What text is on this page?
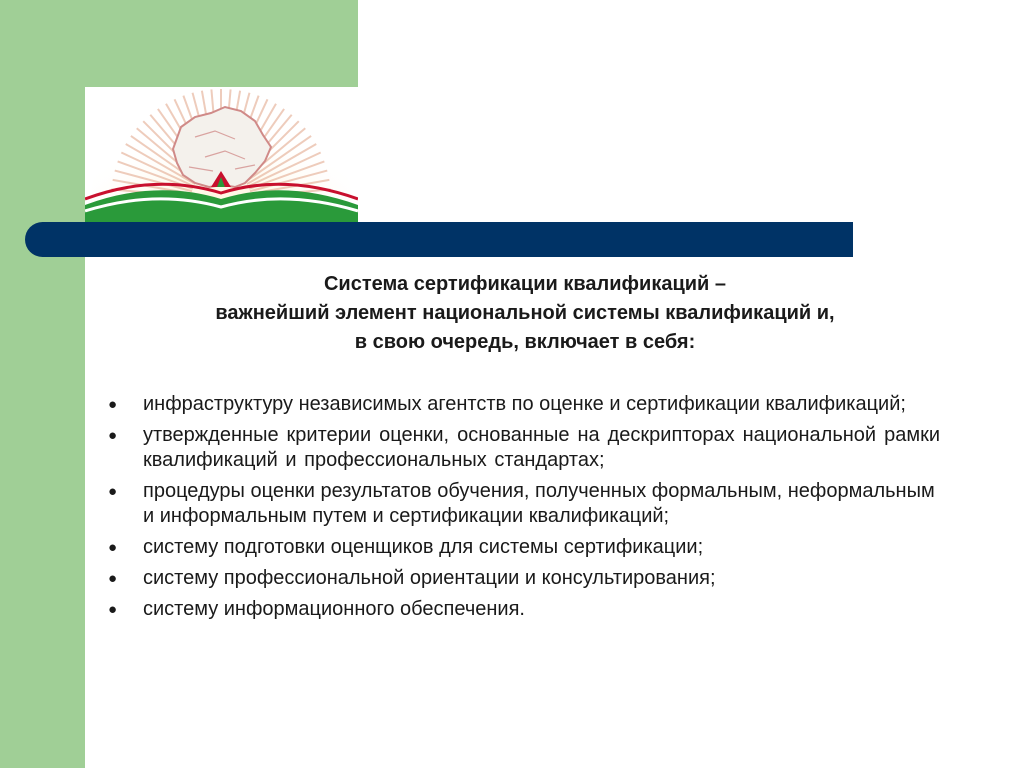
Система сертификации квалификаций –
важнейший элемент национальной системы квалификаций и,
в свою очередь, включает в себя:
● инфраструктуру независимых агентств по оценке и сертификации квалификаций;
● утвержденные критерии оценки, основанные на дескрипторах национальной рамки квалификаций и профессиональных стандартах;
● процедуры оценки результатов обучения, полученных формальным, неформальным и информальным путем и сертификации квалификаций;
● систему подготовки оценщиков для системы сертификации;
● систему профессиональной ориентации и консультирования;
● систему информационного обеспечения.
